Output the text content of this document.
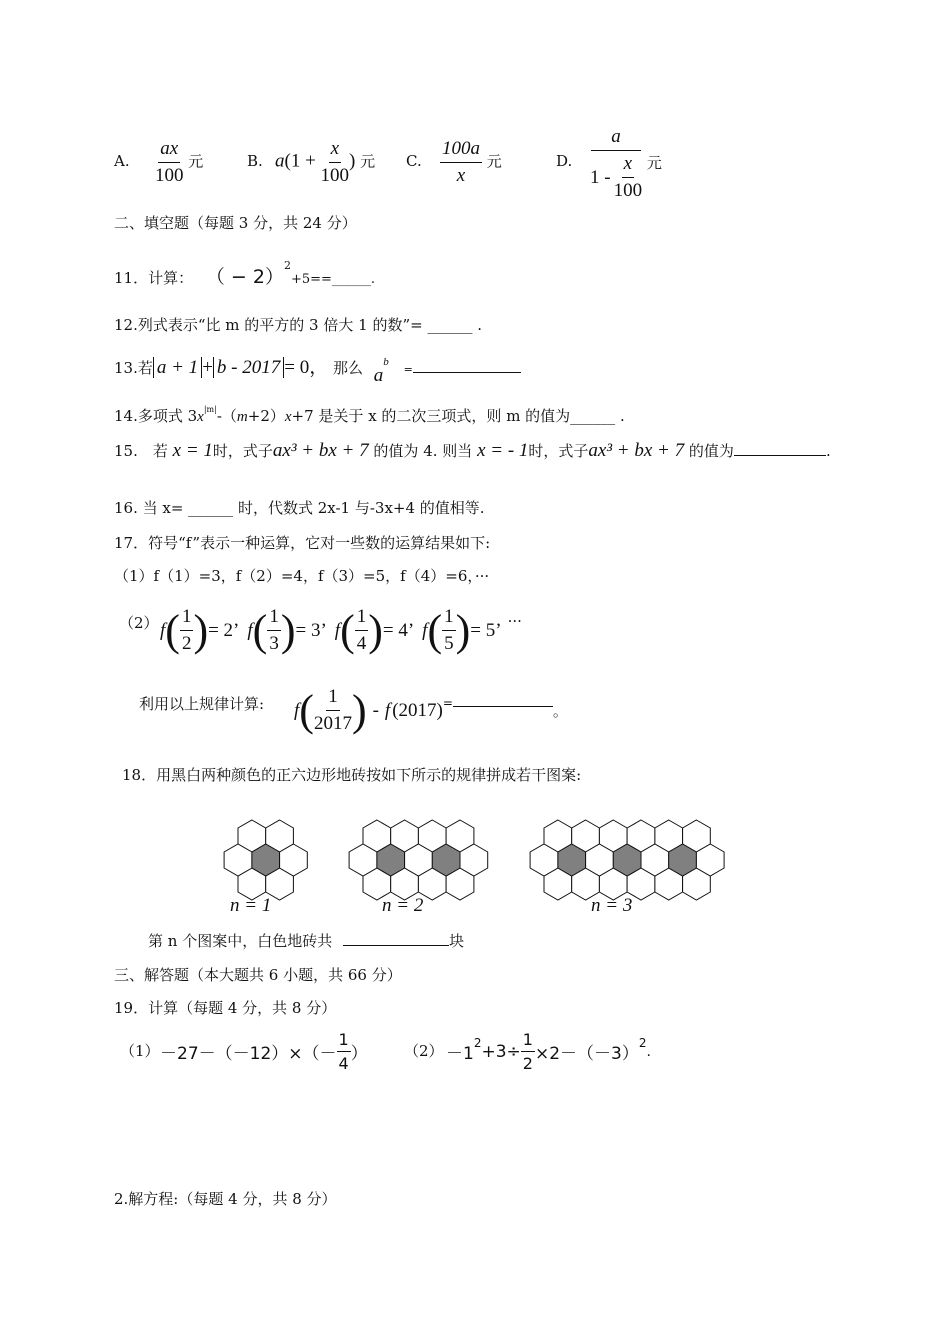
A. $\frac{ax}{100}$ 元	B. $a(1 + \frac{x}{100}$ ) 元 C. $\frac{100a}{x}$ 元	D. $\frac{a}{1 - \frac{x}{100}}$ 元
二、填空题（每题 3 分，共 24 分）
11．计算： （ − 2）$^2$+5==______.
12.列式表示“比 m 的平方的 3 倍大 1 的数”= ______ .
13.若 a + 1 + b - 2017 = 0， 那么 $a^b$ =
14.多项式 $3x^{|m|}-(m+2)x+7$ 是关于 x 的二次三项式，则 m 的值为______ .
15.　若 x = 1时，式子ax³ + bx + 7 的值为 4. 则当 x = - 1时，式子ax³ + bx + 7 的值为	.
16. 当 x= ______ 时，代数式 2x-1 与-3x+4 的值相等.
17．符号“f”表示一种运算，它对一些数的运算结果如下:
（1）f（1）=3，f（2）=4，f（3）=5，f（4）=6，···
（2） f ( $\frac{1}{2}$ ) = 2’ f ( $\frac{1}{3}$ ) = 3’ f ( $\frac{1}{4}$ ) = 4’ f ( $\frac{1}{5}$ ) = 5’ ···
利用以上规律计算: f ( $\frac{1}{2017}$ ) - f (2017) =	。
18．用黑白两种颜色的正六边形地砖按如下所示的规律拼成若干图案:
n = 1	n = 2	n = 3
第 n 个图案中，白色地砖共	块
三、解答题（本大题共 6 小题，共 66 分）
19．计算（每题 4 分，共 8 分）
$(1) -27-(-12)\times(- \frac{1}{4}$ ） （2） －1
$^2 +3\div \frac{1}{2} \times 2-(-3)$
$^2$
.
2.解方程:（每题 4 分，共 8 分）
